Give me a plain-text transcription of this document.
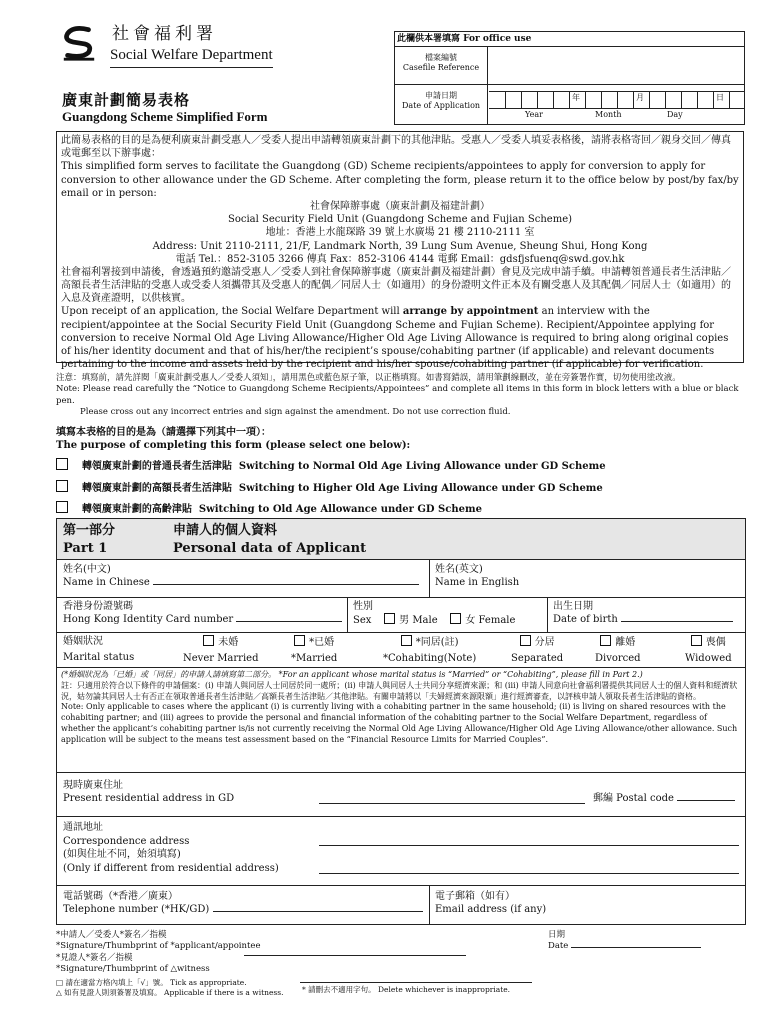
社會福利署
Social Welfare Department
廣東計劃簡易表格
Guangdong Scheme Simplified Form
此欄供本署填寫 For office use
檔案編號
Casefile Reference
申請日期
Date of Application
年	月	日
Year	Month	Day

此簡易表格的目的是為便利廣東計劃受惠人／受委人提出申請轉領廣東計劃下的其他津貼。受惠人／受委人填妥表格後，請將表格寄回／親身交回／傳真或電郵至以下辦事處：

This simplified form serves to facilitate the Guangdong (GD) Scheme recipients/appointees to apply for conversion to apply for conversion to other allowance under the GD Scheme. After completing the form, please return it to the office below by post/by fax/by email or in person:

社會保障辦事處（廣東計劃及福建計劃）

Social Security Field Unit (Guangdong Scheme and Fujian Scheme)

地址：香港上水龍琛路 39 號上水廣場 21 樓 2110-2111 室

Address: Unit 2110-2111, 21/F, Landmark North, 39 Lung Sum Avenue, Sheung Shui, Hong Kong

電話 Tel.：852-3105 3266 傳真 Fax：852-3106 4144 電郵 Email：gdsfjsfuenq@swd.gov.hk

社會福利署接到申請後，會透過預約邀請受惠人／受委人到社會保障辦事處（廣東計劃及福建計劃）會見及完成申請手續。申請轉領普通長者生活津貼／高額長者生活津貼的受惠人或受委人須攜帶其及受惠人的配偶／同居人士（如適用）的身份證明文件正本及有關受惠人及其配偶／同居人士（如適用）的入息及資產證明，以供核實。

Upon receipt of an application, the Social Welfare Department will arrange by appointment an interview with the recipient/appointee at the Social Security Field Unit (Guangdong Scheme and Fujian Scheme). Recipient/Appointee applying for conversion to receive Normal Old Age Living Allowance/Higher Old Age Living Allowance is required to bring along original copies of his/her identity document and that of his/her/the recipient’s spouse/cohabiting partner (if applicable) and relevant documents pertaining to the income and assets held by the recipient and his/her spouse/cohabiting partner (if applicable) for verification.

注意：填寫前，請先詳閱「廣東計劃受惠人／受委人須知」，請用黑色或藍色原子筆，以正楷填寫。如書寫錯誤，請用筆劃線刪改，並在旁簽署作實，切勿使用塗改液。
Note: Please read carefully the “Notice to Guangdong Scheme Recipients/Appointees” and complete all items in this form in block letters with a blue or black pen.
Please cross out any incorrect entries and sign against the amendment. Do not use correction fluid.
填寫本表格的目的是為（請選擇下列其中一項）：
The purpose of completing this form (please select one below):
轉領廣東計劃的普通長者生活津貼 Switching to Normal Old Age Living Allowance under GD Scheme
轉領廣東計劃的高額長者生活津貼 Switching to Higher Old Age Living Allowance under GD Scheme
轉領廣東計劃的高齡津貼 Switching to Old Age Allowance under GD Scheme
第一部分
Part 1
申請人的個人資料
Personal data of Applicant
姓名(中文)
Name in Chinese
姓名(英文)
Name in English
香港身份證號碼
Hong Kong Identity Card number
性別
Sex	男 Male	女 Female
出生日期
Date of birth
婚姻狀況
Marital status
未婚
Never Married
*已婚
*Married
*同居(註)
*Cohabiting(Note)
分居
Separated
離婚
Divorced
喪偶
Widowed
(*婚姻狀況為「已婚」或「同居」的申請人請填寫第二部分。 *For an applicant whose marital status is “Married” or “Cohabiting”, please fill in Part 2.)
註：只適用於符合以下條件的申請個案：(i) 申請人與同居人士同居於同一處所；(ii) 申請人與同居人士共同分享經濟來源；和 (iii) 申請人同意向社會福利署提供其同居人士的個人資料和經濟狀況，姑勿論其同居人士有否正在領取普通長者生活津貼／高額長者生活津貼／其他津貼。有關申請將以「夫婦經濟來源限額」進行經濟審查，以評核申請人領取長者生活津貼的資格。
Note: Only applicable to cases where the applicant (i) is currently living with a cohabiting partner in the same household; (ii) is living on shared resources with the cohabiting partner; and (iii) agrees to provide the personal and financial information of the cohabiting partner to the Social Welfare Department, regardless of whether the applicant’s cohabiting partner is/is not currently receiving the Normal Old Age Living Allowance/Higher Old Age Living Allowance/other allowance. Such application will be subject to the means test assessment based on the “Financial Resource Limits for Married Couples”.
現時廣東住址
Present residential address in GD	郵編 Postal code
通訊地址
Correspondence address
(如與住址不同，始須填寫)
(Only if different from residential address)
電話號碼（*香港／廣東）
Telephone number (*HK/GD)
電子郵箱（如有）
Email address (if any)
*申請人／受委人*簽名／指模
*Signature/Thumbprint of *applicant/appointee
*見證人*簽名／指模
*Signature/Thumbprint of △witness
□ 請在適當方格內填上「√」號。 Tick as appropriate.
△ 如有見證人則須簽署及填寫。 Applicable if there is a witness.
日期
Date
* 請刪去不適用字句。 Delete whichever is inappropriate.
